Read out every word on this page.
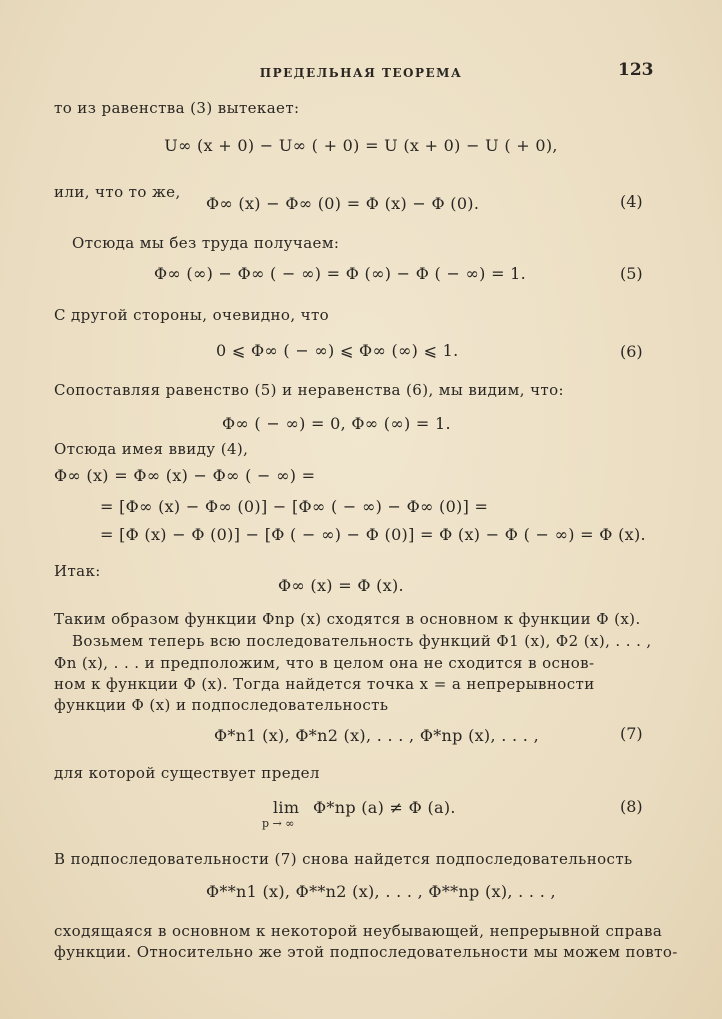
ПРЕДЕЛЬНАЯ ТЕОРЕМА	123
то из равенства (3) вытекает:
U∞ (x + 0) − U∞ ( + 0) = U (x + 0) − U ( + 0),
или, что то же,
Φ∞ (x) − Φ∞ (0) = Φ (x) − Φ (0).	(4)
Отсюда мы без труда получаем:
Φ∞ (∞) − Φ∞ ( − ∞) = Φ (∞) − Φ ( − ∞) = 1.	(5)
С другой стороны, очевидно, что
0 ⩽ Φ∞ ( − ∞) ⩽ Φ∞ (∞) ⩽ 1.	(6)
Сопоставляя равенство (5) и неравенства (6), мы видим, что:
Φ∞ ( − ∞) = 0, Φ∞ (∞) = 1.
Отсюда имея ввиду (4),
Φ∞ (x) = Φ∞ (x) − Φ∞ ( − ∞) =
= [Φ∞ (x) − Φ∞ (0)] − [Φ∞ ( − ∞) − Φ∞ (0)] =
= [Φ (x) − Φ (0)] − [Φ ( − ∞) − Φ (0)] = Φ (x) − Φ ( − ∞) = Φ (x).
Итак:
Φ∞ (x) = Φ (x).
Таким образом функции Φnp (x) сходятся в основном к функции Φ (x).
Возьмем теперь всю последовательность функций Φ1 (x), Φ2 (x), . . . ,
Φn (x), . . . и предположим, что в целом она не сходится в основ-
ном к функции Φ (x). Тогда найдется точка x = a непрерывности
функции Φ (x) и подпоследовательность
Φ*n1 (x), Φ*n2 (x), . . . , Φ*np (x), . . . ,	(7)
для которой существует предел
lim Φ*np (a) ≠ Φ (a).
p → ∞
(8)
В подпоследовательности (7) снова найдется подпоследовательность
Φ**n1 (x), Φ**n2 (x), . . . , Φ**np (x), . . . ,
сходящаяся в основном к некоторой неубывающей, непрерывной справа
функции. Относительно же этой подпоследовательности мы можем повто-
